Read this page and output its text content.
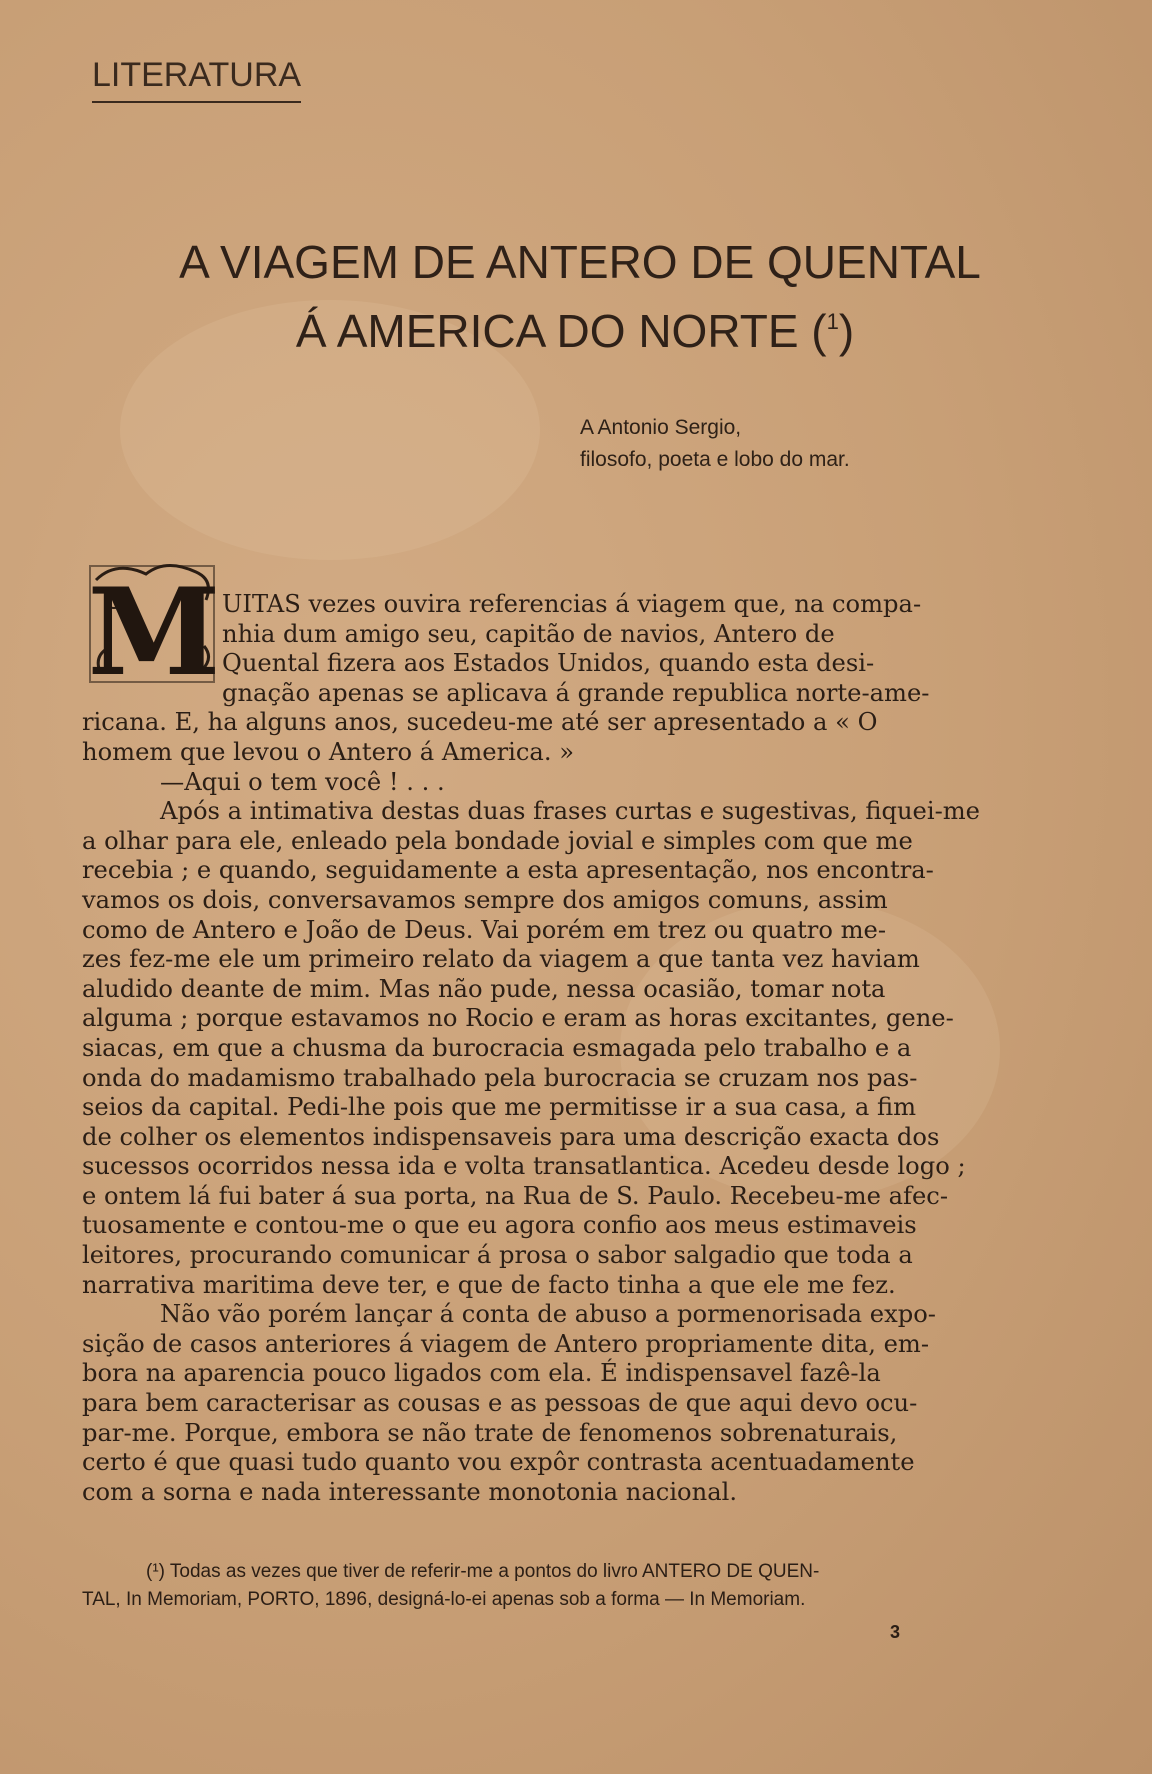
LITERATURA
A VIAGEM DE ANTERO DE QUENTAL

Á AMERICA DO NORTE ($^1$)
A Antonio Sergio,
filosofo, poeta e lobo do mar.
M UITAS vezes ouvira referencias á viagem que, na compa-
nhia dum amigo seu, capitão de navios, Antero de
Quental fizera aos Estados Unidos, quando esta desi-
gnação apenas se aplicava á grande republica norte-ame-
ricana. E, ha alguns anos, sucedeu-me até ser apresentado a « O
homem que levou o Antero á America. »
—Aqui o tem você ! . . .
Após a intimativa destas duas frases curtas e sugestivas, fiquei-me
a olhar para ele, enleado pela bondade jovial e simples com que me
recebia ; e quando, seguidamente a esta apresentação, nos encontra-
vamos os dois, conversavamos sempre dos amigos comuns, assim
como de Antero e João de Deus. Vai porém em trez ou quatro me-
zes fez-me ele um primeiro relato da viagem a que tanta vez haviam
aludido deante de mim. Mas não pude, nessa ocasião, tomar nota
alguma ; porque estavamos no Rocio e eram as horas excitantes, gene-
siacas, em que a chusma da burocracia esmagada pelo trabalho e a
onda do madamismo trabalhado pela burocracia se cruzam nos pas-
seios da capital. Pedi-lhe pois que me permitisse ir a sua casa, a fim
de colher os elementos indispensaveis para uma descrição exacta dos
sucessos ocorridos nessa ida e volta transatlantica. Acedeu desde logo ;
e ontem lá fui bater á sua porta, na Rua de S. Paulo. Recebeu-me afec-
tuosamente e contou-me o que eu agora confio aos meus estimaveis
leitores, procurando comunicar á prosa o sabor salgadio que toda a
narrativa maritima deve ter, e que de facto tinha a que ele me fez.
Não vão porém lançar á conta de abuso a pormenorisada expo-
sição de casos anteriores á viagem de Antero propriamente dita, em-
bora na aparencia pouco ligados com ela. É indispensavel fazê-la
para bem caracterisar as cousas e as pessoas de que aqui devo ocu-
par-me. Porque, embora se não trate de fenomenos sobrenaturais,
certo é que quasi tudo quanto vou expôr contrasta acentuadamente
com a sorna e nada interessante monotonia nacional.
(¹) Todas as vezes que tiver de referir-me a pontos do livro ANTERO DE QUEN-
TAL, In Memoriam, PORTO, 1896, designá-lo-ei apenas sob a forma — In Memoriam.
3
